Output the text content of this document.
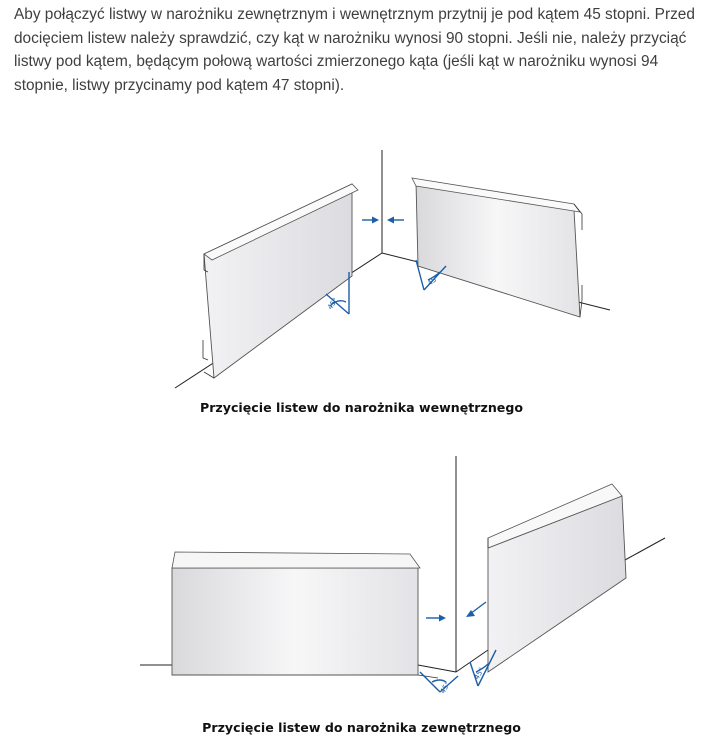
Aby połączyć listwy w narożniku zewnętrznym i wewnętrznym przytnij je pod kątem 45 stopni. Przed docięciem listew należy sprawdzić, czy kąt w narożniku wynosi 90 stopni. Jeśli nie, należy przyciąć listwy pod kątem, będącym połową wartości zmierzonego kąta (jeśli kąt w narożniku wynosi 94 stopnie, listwy przycinamy pod kątem 47 stopni).

45°
45°
Przycięcie listew do narożnika wewnętrznego
45°
45°
Przycięcie listew do narożnika zewnętrznego
